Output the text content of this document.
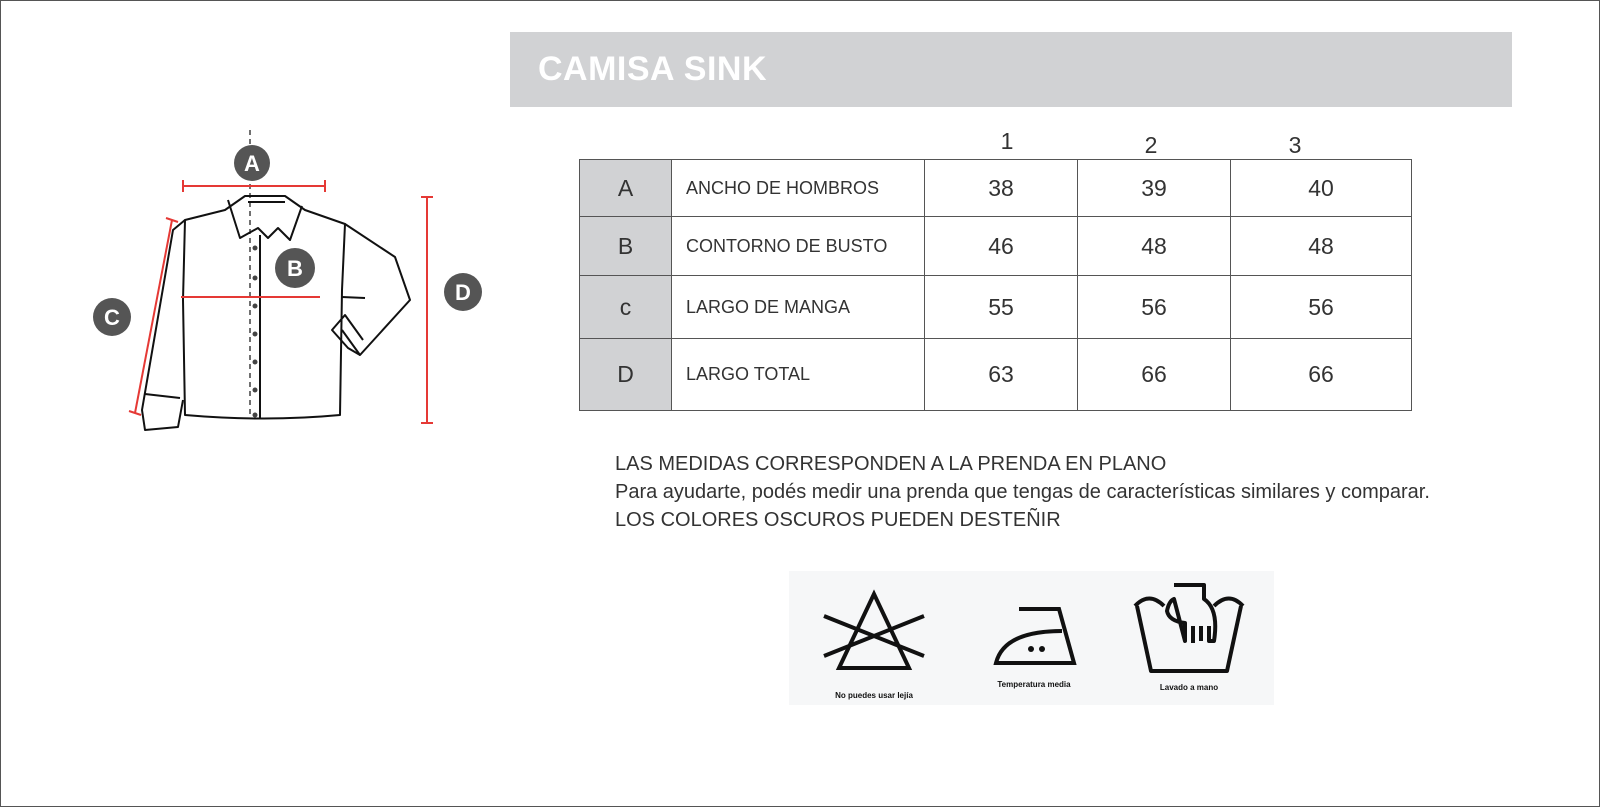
CAMISA SINK
A
B
C
D
1	2	3
A	ANCHO DE HOMBROS	38	39	40
B	CONTORNO DE BUSTO	46	48	48
c	LARGO DE MANGA	55	56	56
D	LARGO TOTAL	63	66	66
LAS MEDIDAS CORRESPONDEN A LA PRENDA EN PLANO
Para ayudarte, podés medir una prenda que tengas de características similares y comparar.
LOS COLORES OSCUROS PUEDEN DESTEÑIR
No puedes usar lejía
Temperatura media	Lavado a mano
